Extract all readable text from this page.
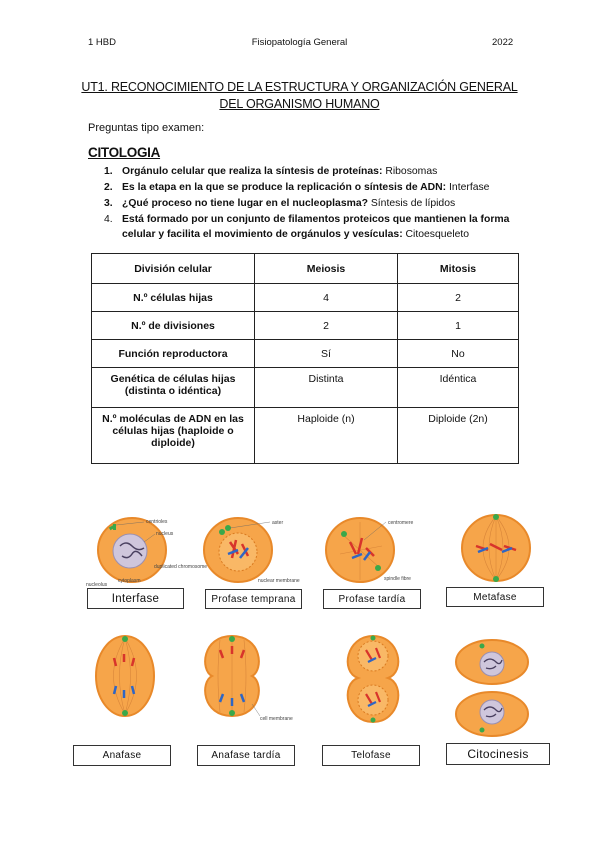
1 HBD	Fisiopatología General	2022
UT1. RECONOCIMIENTO DE LA ESTRUCTURA Y ORGANIZACIÓN GENERAL
DEL ORGANISMO HUMANO
Preguntas tipo examen:
CITOLOGIA
1. Orgánulo celular que realiza la síntesis de proteínas: Ribosomas
2. Es la etapa en la que se produce la replicación o síntesis de ADN: Interfase
3. ¿Qué proceso no tiene lugar en el nucleoplasma? Síntesis de lípidos
4. Está formado por un conjunto de filamentos proteicos que mantienen la forma celular y facilita el movimiento de orgánulos y vesículas: Citoesqueleto
División celular	Meiosis	Mitosis
N.º células hijas	4	2
N.º de divisiones	2	1
Función reproductora	Sí	No
Genética de células hijas (distinta o idéntica)	Distinta	Idéntica
N.º moléculas de ADN en las células hijas (haploide o diploide)	Haploide (n)	Diploide (2n)
centrioles
nucleus
cytoplasm
duplicated chromosome
nucleolus
aster
nuclear membrane
centromere
spindle fibre
Interfase	Profase temprana	Profase tardía	Metafase
cell membrane
Anafase	Anafase tardía	Telofase	Citocinesis
